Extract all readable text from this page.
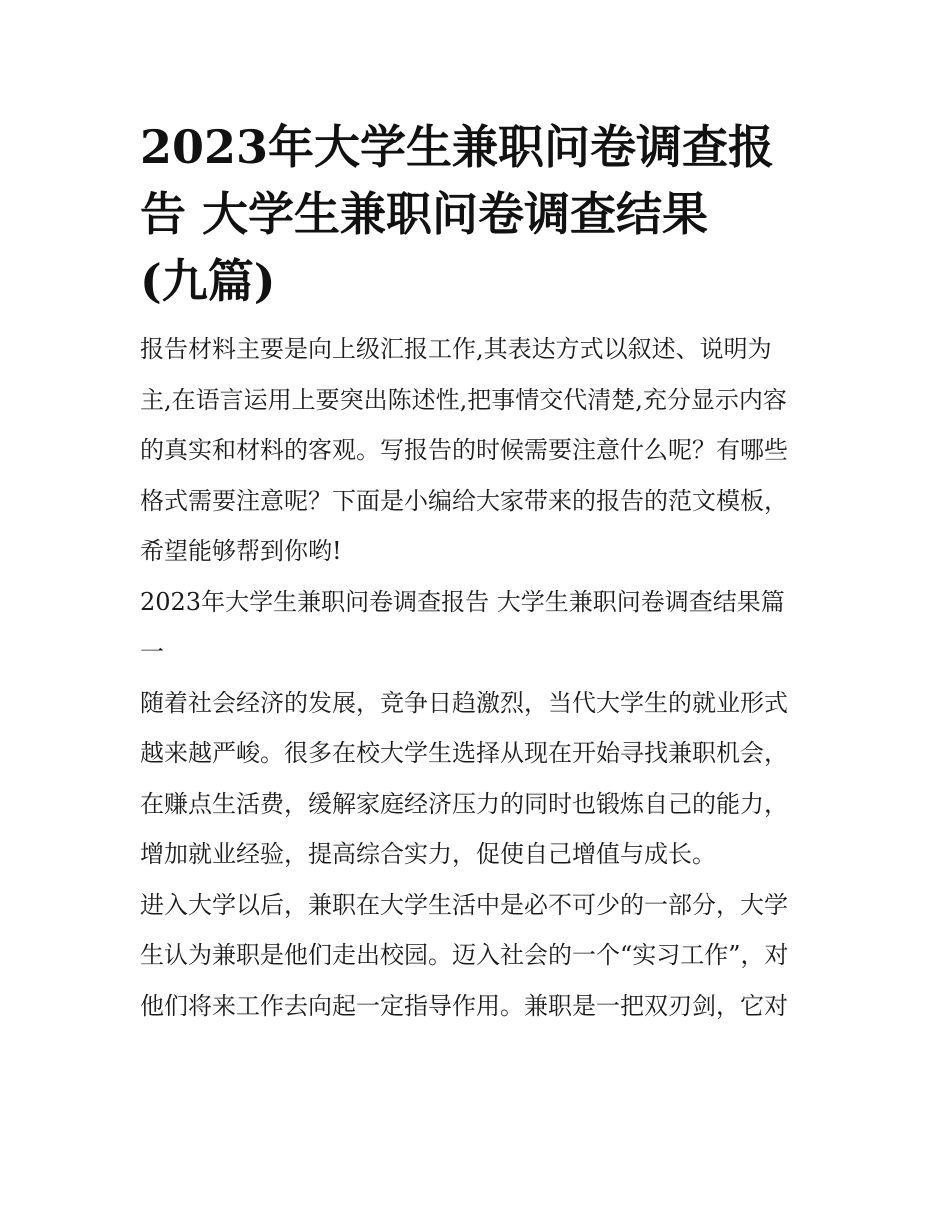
2023年大学生兼职问卷调查报
告 大学生兼职问卷调查结果
(九篇)
报告材料主要是向上级汇报工作,其表达方式以叙述、说明为
主,在语言运用上要突出陈述性,把事情交代清楚,充分显示内容
的真实和材料的客观。写报告的时候需要注意什么呢？有哪些
格式需要注意呢？下面是小编给大家带来的报告的范文模板，
希望能够帮到你哟!
2023年大学生兼职问卷调查报告 大学生兼职问卷调查结果篇
一
随着社会经济的发展，竞争日趋激烈，当代大学生的就业形式
越来越严峻。很多在校大学生选择从现在开始寻找兼职机会，
在赚点生活费，缓解家庭经济压力的同时也锻炼自己的能力，
增加就业经验，提高综合实力，促使自己增值与成长。
进入大学以后，兼职在大学生活中是必不可少的一部分，大学
生认为兼职是他们走出校园。迈入社会的一个“实习工作”，对
他们将来工作去向起一定指导作用。兼职是一把双刃剑，它对
